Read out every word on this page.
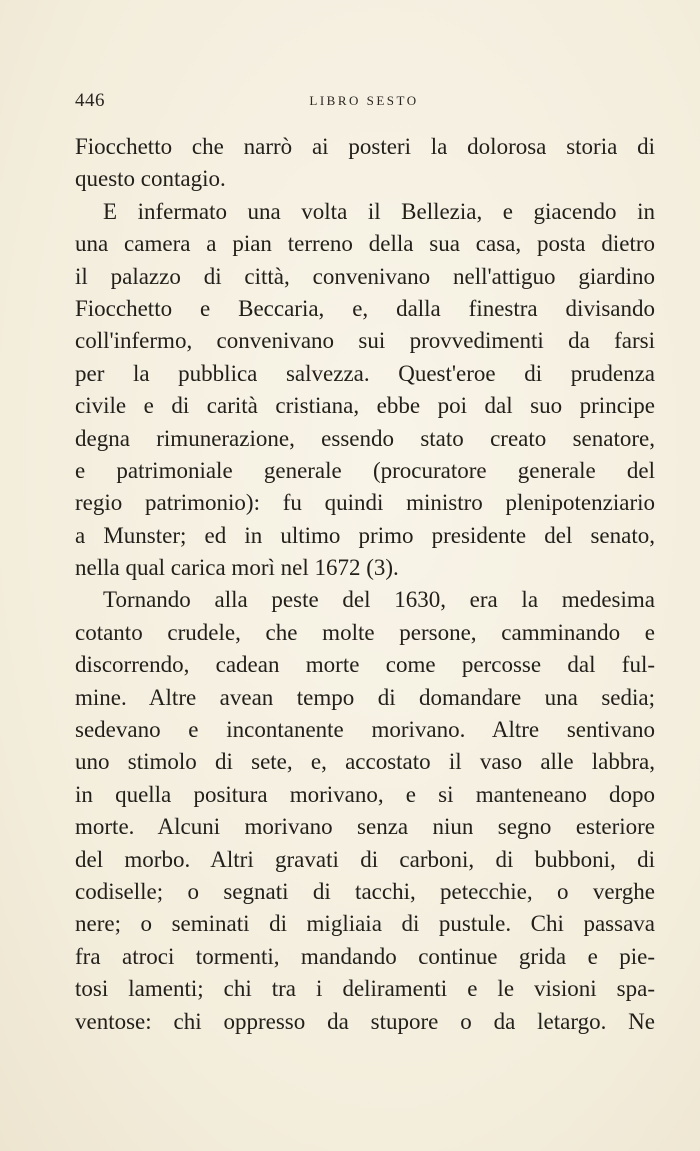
446	LIBRO SESTO
Fiocchetto che narrò ai posteri la dolorosa storia di
questo contagio.
E infermato una volta il Bellezia, e giacendo in
una camera a pian terreno della sua casa, posta dietro
il palazzo di città, convenivano nell'attiguo giardino
Fiocchetto e Beccaria, e, dalla finestra divisando
coll'infermo, convenivano sui provvedimenti da farsi
per la pubblica salvezza. Quest'eroe di prudenza
civile e di carità cristiana, ebbe poi dal suo principe
degna rimunerazione, essendo stato creato senatore,
e patrimoniale generale (procuratore generale del
regio patrimonio): fu quindi ministro plenipotenziario
a Munster; ed in ultimo primo presidente del senato,
nella qual carica morì nel 1672 (3).
Tornando alla peste del 1630, era la medesima
cotanto crudele, che molte persone, camminando e
discorrendo, cadean morte come percosse dal ful-
mine. Altre avean tempo di domandare una sedia;
sedevano e incontanente morivano. Altre sentivano
uno stimolo di sete, e, accostato il vaso alle labbra,
in quella positura morivano, e si manteneano dopo
morte. Alcuni morivano senza niun segno esteriore
del morbo. Altri gravati di carboni, di bubboni, di
codiselle; o segnati di tacchi, petecchie, o verghe
nere; o seminati di migliaia di pustule. Chi passava
fra atroci tormenti, mandando continue grida e pie-
tosi lamenti; chi tra i deliramenti e le visioni spa-
ventose: chi oppresso da stupore o da letargo. Ne
